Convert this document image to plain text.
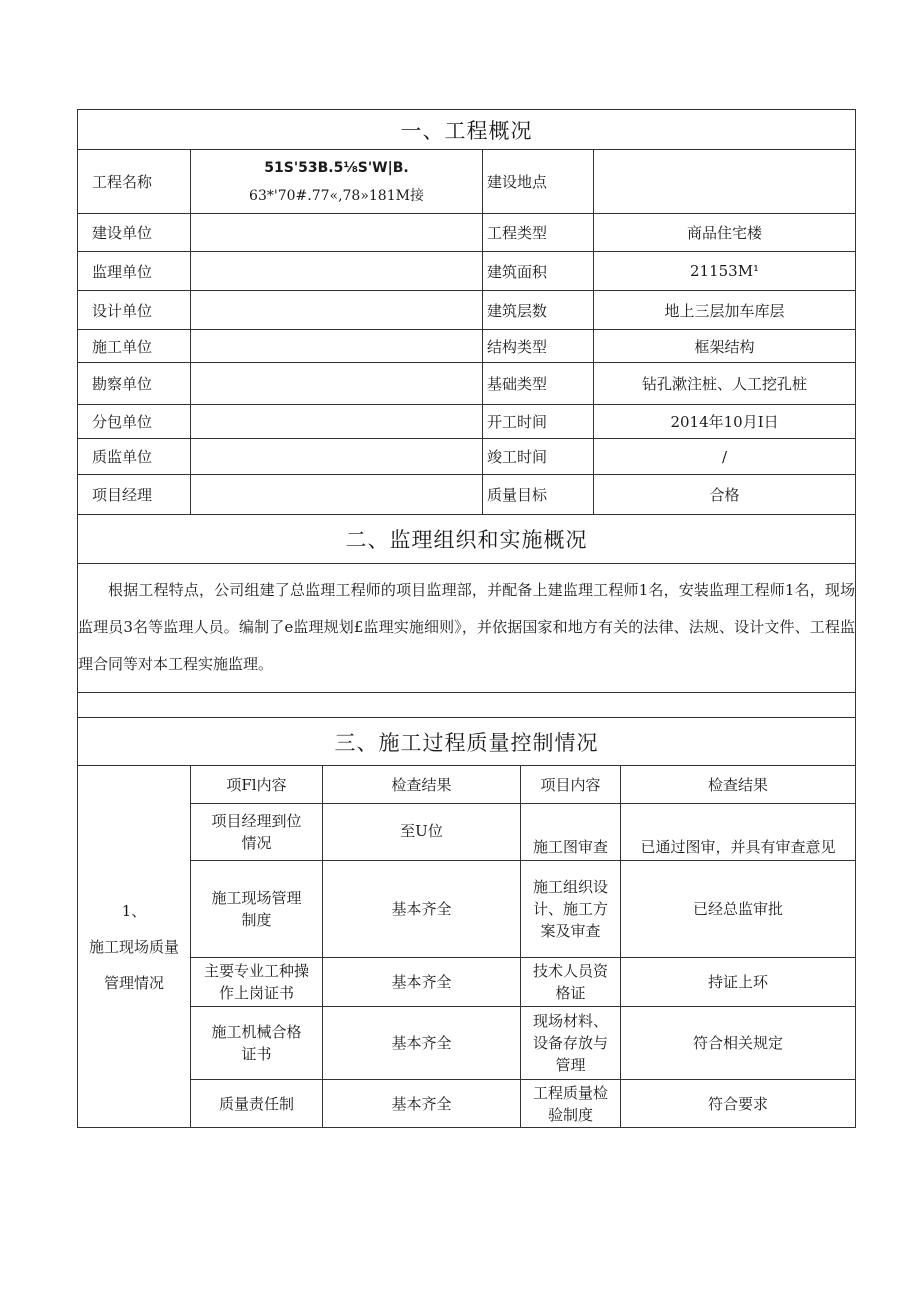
一、工程概况			
工程名称	51S'53B.5⅛S'W|B.
63*'70#.77«,78»181M接	建设地点	
建设单位		工程类型	商品住宅楼
监理单位		建筑面积	21153M¹
设计单位		建筑层数	地上三层加车库层
施工单位		结构类型	框架结构
勘察单位		基础类型	钻孔漱注桩、人工挖孔桩
分包单位		开工时间	2014年10月I日
质监单位		竣工时间	/
项目经理		质量目标	合格
二、监理组织和实施概况			

根据工程特点，公司组建了总监理工程师的项目监理部，并配备上建监理工程师1名，安装监理工程师1名，现场监理员3名等监理人员。编制了e监理规划£监理实施细则》，并依据国家和地方有关的法律、法规、设计文件、工程监理合同等对本工程实施监理。			

三、施工过程质量控制情况			
1、
施工现场质量
管理情况	项Fl内容	检查结果	项目内容	检查结果
	项目经理到位情况	至U位	施工图审查	已通过图审，并具有审查意见
	施工现场管理制度	基本齐全	施工组织设计、施工方案及审查	已经总监审批
	主要专业工种操作上岗证书	基本齐全	技术人员资格证	持证上环
	施工机械合格证书	基本齐全	现场材料、设备存放与管理	符合相关规定
	质量责任制	基本齐全	工程质量检验制度	符合要求
